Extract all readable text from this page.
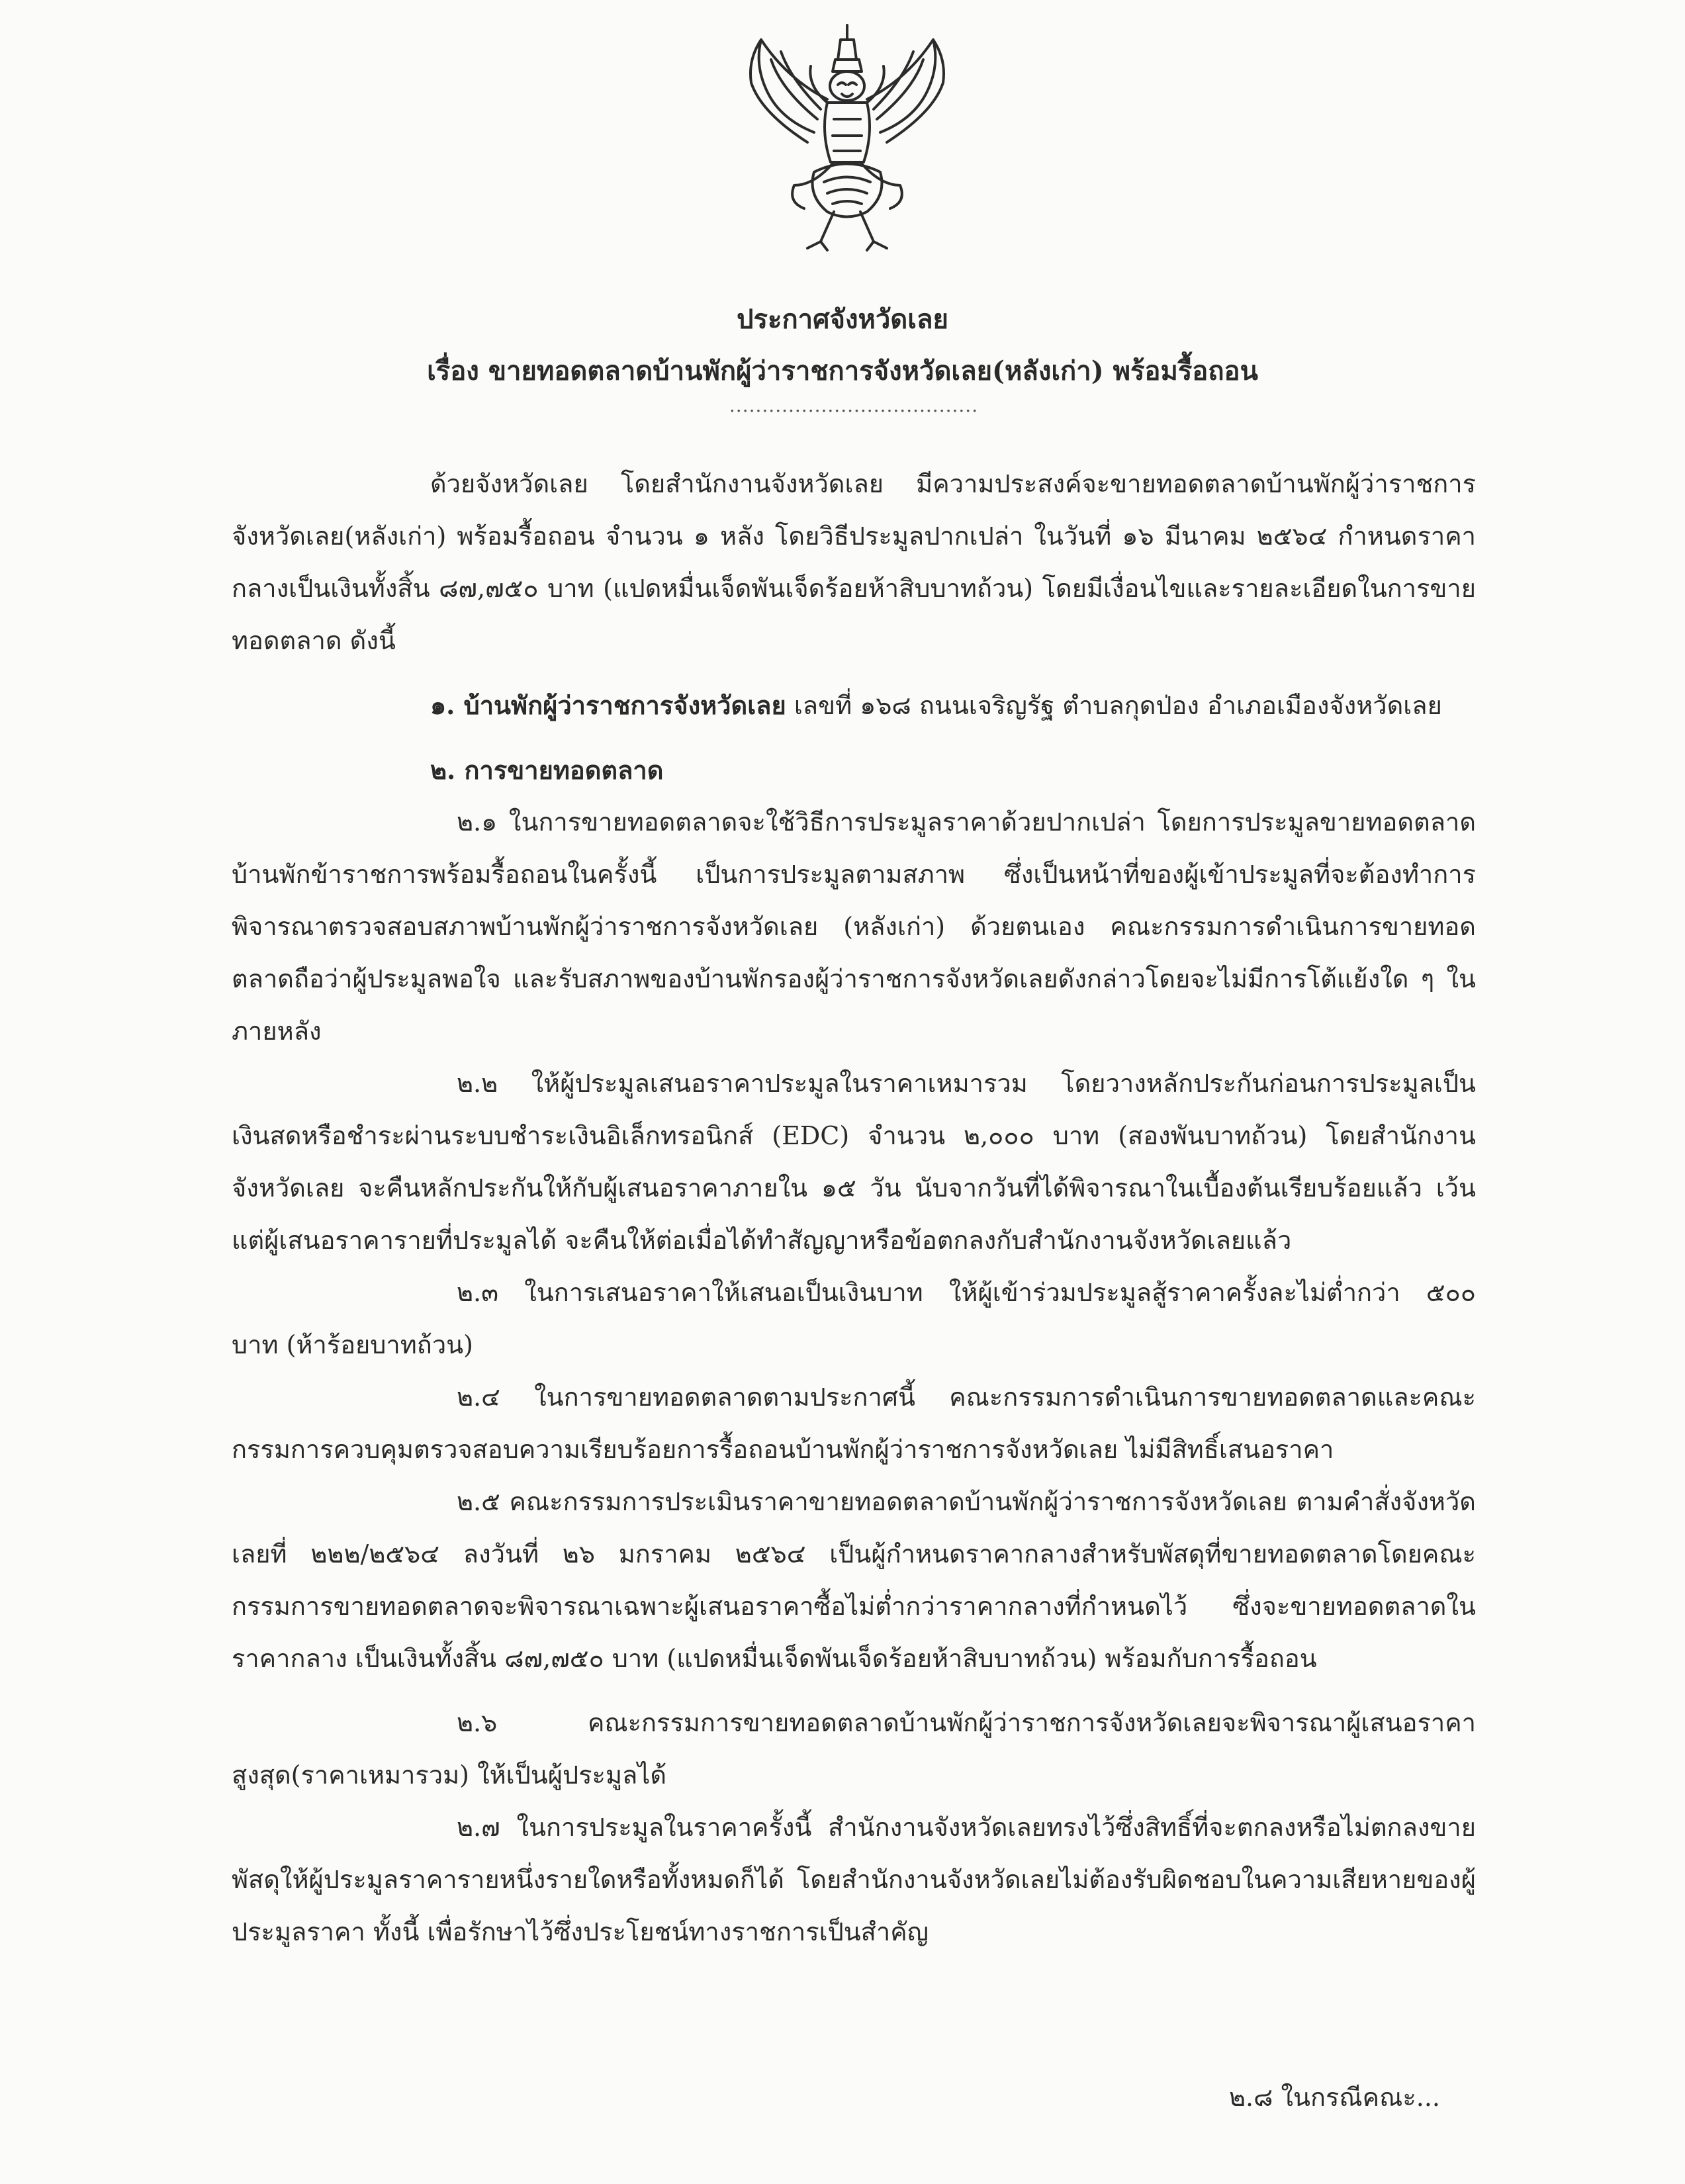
ประกาศจังหวัดเลย
เรื่อง ขายทอดตลาดบ้านพักผู้ว่าราชการจังหวัดเลย(หลังเก่า) พร้อมรื้อถอน
......................................

ด้วยจังหวัดเลย โดยสำนักงานจังหวัดเลย มีความประสงค์จะขายทอดตลาดบ้านพักผู้ว่าราชการจังหวัดเลย(หลังเก่า) พร้อมรื้อถอน จำนวน ๑ หลัง โดยวิธีประมูลปากเปล่า ในวันที่ ๑๖ มีนาคม ๒๕๖๔ กำหนดราคากลางเป็นเงินทั้งสิ้น ๘๗,๗๕๐ บาท (แปดหมื่นเจ็ดพันเจ็ดร้อยห้าสิบบาทถ้วน) โดยมีเงื่อนไขและรายละเอียดในการขายทอดตลาด ดังนี้

๑. บ้านพักผู้ว่าราชการจังหวัดเลย เลขที่ ๑๖๘ ถนนเจริญรัฐ ตำบลกุดป่อง อำเภอเมืองจังหวัดเลย

๒. การขายทอดตลาด

๒.๑ ในการขายทอดตลาดจะใช้วิธีการประมูลราคาด้วยปากเปล่า โดยการประมูลขายทอดตลาดบ้านพักข้าราชการพร้อมรื้อถอนในครั้งนี้ เป็นการประมูลตามสภาพ ซึ่งเป็นหน้าที่ของผู้เข้าประมูลที่จะต้องทำการพิจารณาตรวจสอบสภาพบ้านพักผู้ว่าราชการจังหวัดเลย (หลังเก่า) ด้วยตนเอง คณะกรรมการดำเนินการขายทอดตลาดถือว่าผู้ประมูลพอใจ และรับสภาพของบ้านพักรองผู้ว่าราชการจังหวัดเลยดังกล่าวโดยจะไม่มีการโต้แย้งใด ๆ ในภายหลัง

๒.๒ ให้ผู้ประมูลเสนอราคาประมูลในราคาเหมารวม โดยวางหลักประกันก่อนการประมูลเป็นเงินสดหรือชำระผ่านระบบชำระเงินอิเล็กทรอนิกส์ (EDC) จำนวน ๒,๐๐๐ บาท (สองพันบาทถ้วน) โดยสำนักงานจังหวัดเลย จะคืนหลักประกันให้กับผู้เสนอราคาภายใน ๑๕ วัน นับจากวันที่ได้พิจารณาในเบื้องต้นเรียบร้อยแล้ว เว้นแต่ผู้เสนอราคารายที่ประมูลได้ จะคืนให้ต่อเมื่อได้ทำสัญญาหรือข้อตกลงกับสำนักงานจังหวัดเลยแล้ว

๒.๓ ในการเสนอราคาให้เสนอเป็นเงินบาท ให้ผู้เข้าร่วมประมูลสู้ราคาครั้งละไม่ต่ำกว่า ๕๐๐ บาท (ห้าร้อยบาทถ้วน)

๒.๔ ในการขายทอดตลาดตามประกาศนี้ คณะกรรมการดำเนินการขายทอดตลาดและคณะกรรมการควบคุมตรวจสอบความเรียบร้อยการรื้อถอนบ้านพักผู้ว่าราชการจังหวัดเลย ไม่มีสิทธิ์เสนอราคา

๒.๕ คณะกรรมการประเมินราคาขายทอดตลาดบ้านพักผู้ว่าราชการจังหวัดเลย ตามคำสั่งจังหวัดเลยที่ ๒๒๒/๒๕๖๔ ลงวันที่ ๒๖ มกราคม ๒๕๖๔ เป็นผู้กำหนดราคากลางสำหรับพัสดุที่ขายทอดตลาดโดยคณะกรรมการขายทอดตลาดจะพิจารณาเฉพาะผู้เสนอราคาซื้อไม่ต่ำกว่าราคากลางที่กำหนดไว้ ซึ่งจะขายทอดตลาดในราคากลาง เป็นเงินทั้งสิ้น ๘๗,๗๕๐ บาท (แปดหมื่นเจ็ดพันเจ็ดร้อยห้าสิบบาทถ้วน) พร้อมกับการรื้อถอน

๒.๖ คณะกรรมการขายทอดตลาดบ้านพักผู้ว่าราชการจังหวัดเลยจะพิจารณาผู้เสนอราคาสูงสุด(ราคาเหมารวม) ให้เป็นผู้ประมูลได้

๒.๗ ในการประมูลในราคาครั้งนี้ สำนักงานจังหวัดเลยทรงไว้ซึ่งสิทธิ์ที่จะตกลงหรือไม่ตกลงขายพัสดุให้ผู้ประมูลราคารายหนึ่งรายใดหรือทั้งหมดก็ได้ โดยสำนักงานจังหวัดเลยไม่ต้องรับผิดชอบในความเสียหายของผู้ประมูลราคา ทั้งนี้ เพื่อรักษาไว้ซึ่งประโยชน์ทางราชการเป็นสำคัญ

๒.๘ ในกรณีคณะ...
